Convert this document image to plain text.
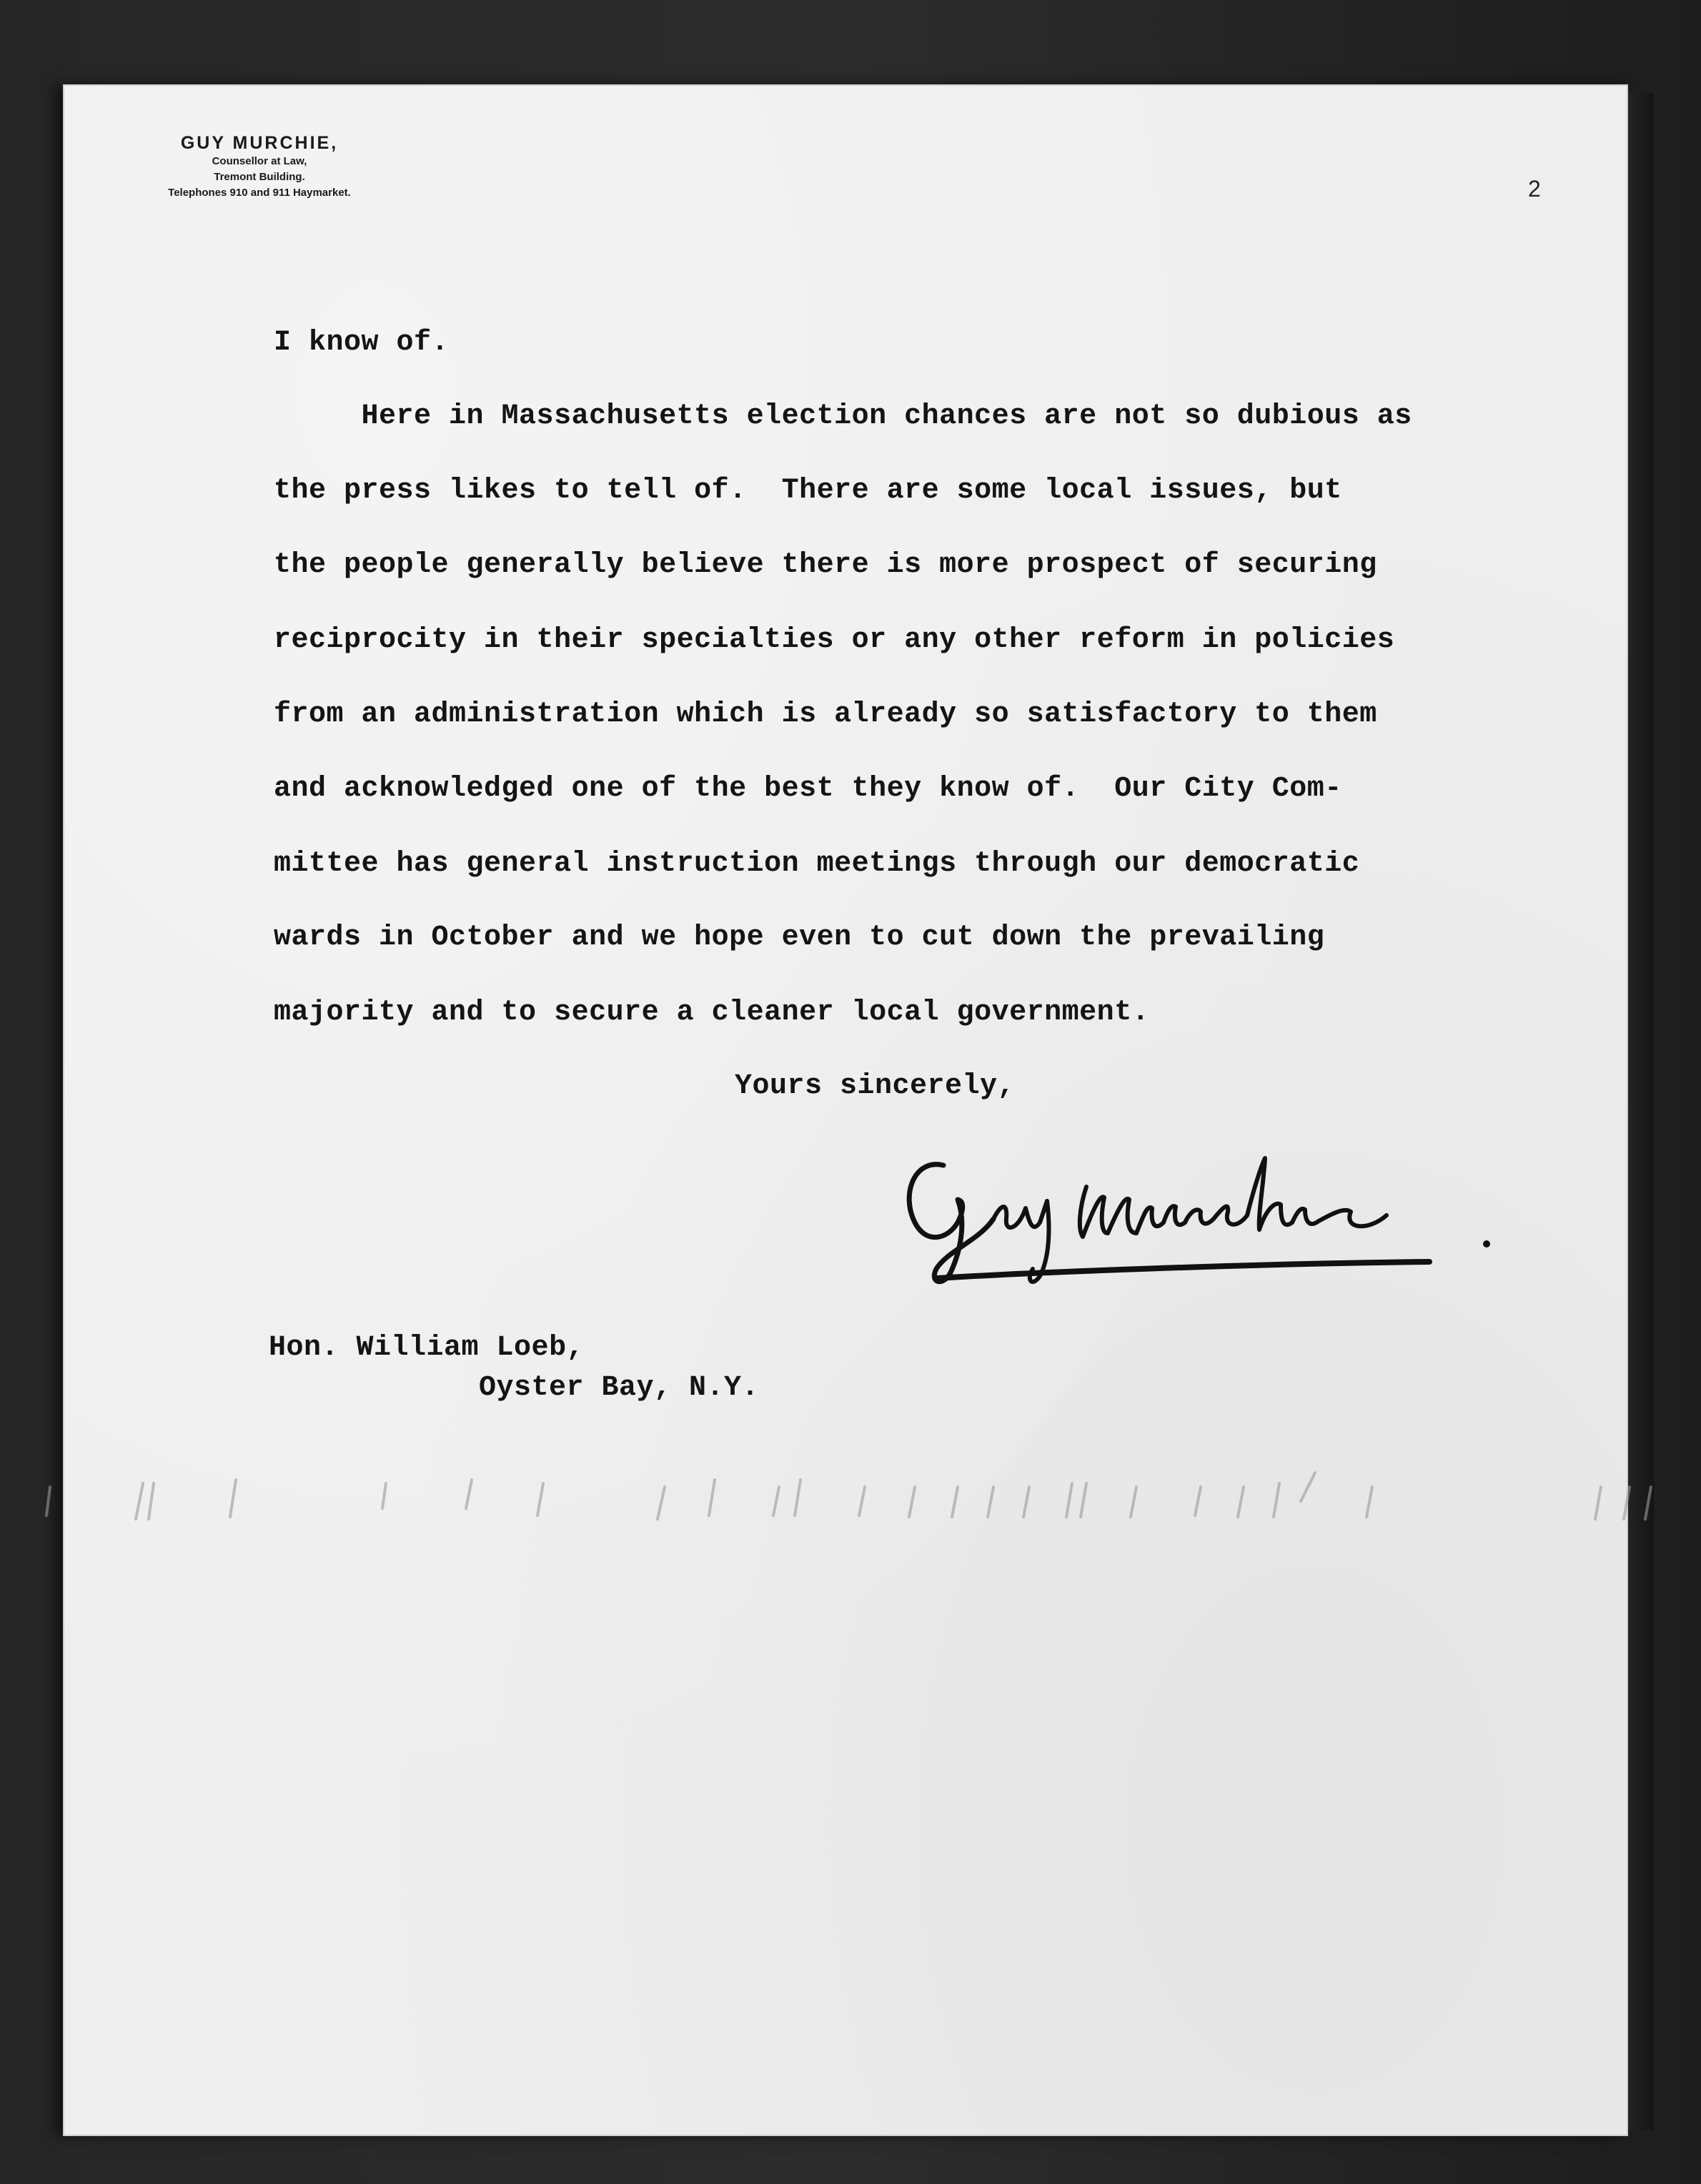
GUY MURCHIE,
Counsellor at Law,
Tremont Building.
Telephones 910 and 911 Haymarket.	2
I know of.
Here in Massachusetts election chances are not so dubious as
the press likes to tell of.  There are some local issues, but
the people generally believe there is more prospect of securing
reciprocity in their specialties or any other reform in policies
from an administration which is already so satisfactory to them
and acknowledged one of the best they know of.  Our City Com-
mittee has general instruction meetings through our democratic
wards in October and we hope even to cut down the prevailing
majority and to secure a cleaner local government.
Yours sincerely,
Hon. William Loeb,
Oyster Bay, N.Y.
